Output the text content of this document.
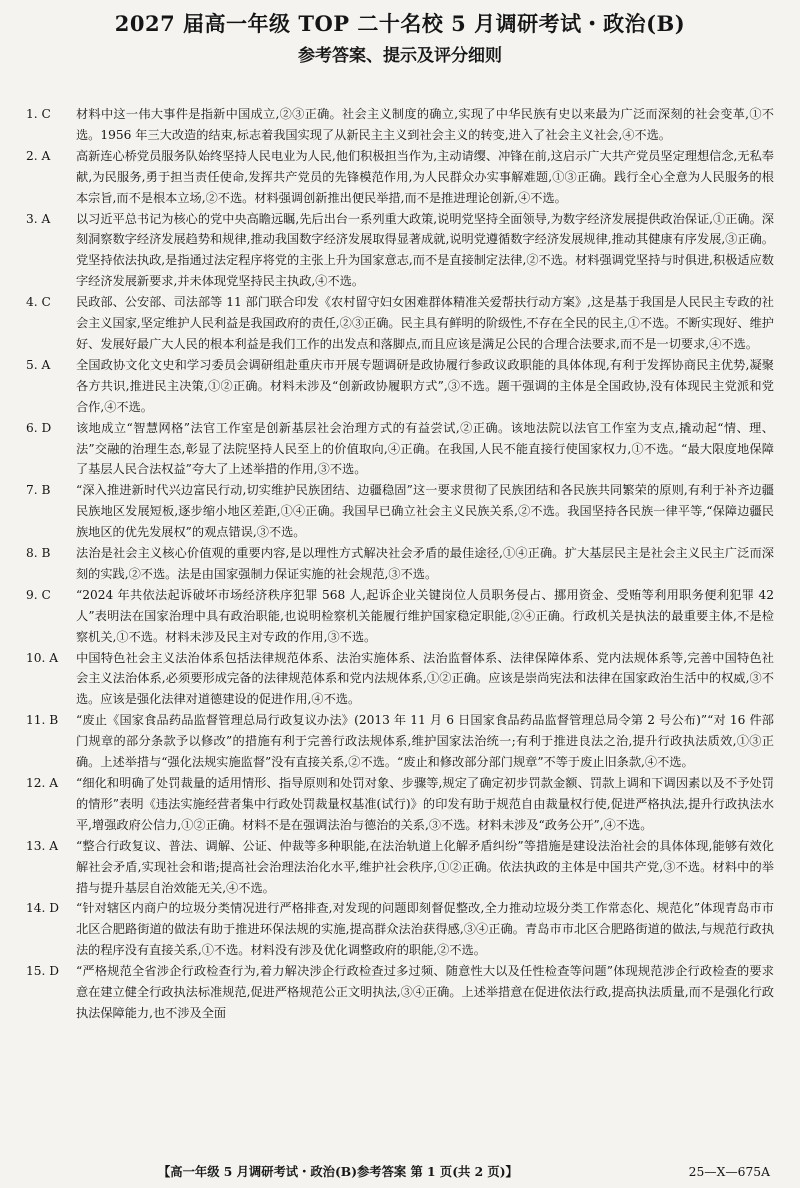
2027 届高一年级 TOP 二十名校 5 月调研考试・政治(B)
参考答案、提示及评分细则
1. C	材料中这一伟大事件是指新中国成立,②③正确。社会主义制度的确立,实现了中华民族有史以来最为广泛而深刻的社会变革,①不选。1956 年三大改造的结束,标志着我国实现了从新民主主义到社会主义的转变,进入了社会主义社会,④不选。
2. A	高新连心桥党员服务队始终坚持人民电业为人民,他们积极担当作为,主动请缨、冲锋在前,这启示广大共产党员坚定理想信念,无私奉献,为民服务,勇于担当责任使命,发挥共产党员的先锋模范作用,为人民群众办实事解难题,①③正确。践行全心全意为人民服务的根本宗旨,而不是根本立场,②不选。材料强调创新推出便民举措,而不是推进理论创新,④不选。
3. A	以习近平总书记为核心的党中央高瞻远瞩,先后出台一系列重大政策,说明党坚持全面领导,为数字经济发展提供政治保证,①正确。深刻洞察数字经济发展趋势和规律,推动我国数字经济发展取得显著成就,说明党遵循数字经济发展规律,推动其健康有序发展,③正确。党坚持依法执政,是指通过法定程序将党的主张上升为国家意志,而不是直接制定法律,②不选。材料强调党坚持与时俱进,积极适应数字经济发展新要求,并未体现党坚持民主执政,④不选。
4. C	民政部、公安部、司法部等 11 部门联合印发《农村留守妇女困难群体精准关爱帮扶行动方案》,这是基于我国是人民民主专政的社会主义国家,坚定维护人民利益是我国政府的责任,②③正确。民主具有鲜明的阶级性,不存在全民的民主,①不选。不断实现好、维护好、发展好最广大人民的根本利益是我们工作的出发点和落脚点,而且应该是满足公民的合理合法要求,而不是一切要求,④不选。
5. A	全国政协文化文史和学习委员会调研组赴重庆市开展专题调研是政协履行参政议政职能的具体体现,有利于发挥协商民主优势,凝聚各方共识,推进民主决策,①②正确。材料未涉及“创新政协履职方式”,③不选。题干强调的主体是全国政协,没有体现民主党派和党合作,④不选。
6. D	该地成立“智慧网格”法官工作室是创新基层社会治理方式的有益尝试,②正确。该地法院以法官工作室为支点,撬动起“情、理、法”交融的治理生态,彰显了法院坚持人民至上的价值取向,④正确。在我国,人民不能直接行使国家权力,①不选。“最大限度地保障了基层人民合法权益”夸大了上述举措的作用,③不选。
7. B	“深入推进新时代兴边富民行动,切实维护民族团结、边疆稳固”这一要求贯彻了民族团结和各民族共同繁荣的原则,有利于补齐边疆民族地区发展短板,逐步缩小地区差距,①④正确。我国早已确立社会主义民族关系,②不选。我国坚持各民族一律平等,“保障边疆民族地区的优先发展权”的观点错误,③不选。
8. B	法治是社会主义核心价值观的重要内容,是以理性方式解决社会矛盾的最佳途径,①④正确。扩大基层民主是社会主义民主广泛而深刻的实践,②不选。法是由国家强制力保证实施的社会规范,③不选。
9. C	“2024 年共依法起诉破坏市场经济秩序犯罪 568 人,起诉企业关键岗位人员职务侵占、挪用资金、受贿等利用职务便利犯罪 42 人”表明法在国家治理中具有政治职能,也说明检察机关能履行维护国家稳定职能,②④正确。行政机关是执法的最重要主体,不是检察机关,①不选。材料未涉及民主对专政的作用,③不选。
10. A	中国特色社会主义法治体系包括法律规范体系、法治实施体系、法治监督体系、法律保障体系、党内法规体系等,完善中国特色社会主义法治体系,必须要形成完备的法律规范体系和党内法规体系,①②正确。应该是崇尚宪法和法律在国家政治生活中的权威,③不选。应该是强化法律对道德建设的促进作用,④不选。
11. B	“废止《国家食品药品监督管理总局行政复议办法》(2013 年 11 月 6 日国家食品药品监督管理总局令第 2 号公布)”“对 16 件部门规章的部分条款予以修改”的措施有利于完善行政法规体系,维护国家法治统一;有利于推进良法之治,提升行政执法质效,①③正确。上述举措与“强化法规实施监督”没有直接关系,②不选。“废止和修改部分部门规章”不等于废止旧条款,④不选。
12. A	“细化和明确了处罚裁量的适用情形、指导原则和处罚对象、步骤等,规定了确定初步罚款金额、罚款上调和下调因素以及不予处罚的情形”表明《违法实施经营者集中行政处罚裁量权基准(试行)》的印发有助于规范自由裁量权行使,促进严格执法,提升行政执法水平,增强政府公信力,①②正确。材料不是在强调法治与德治的关系,③不选。材料未涉及“政务公开”,④不选。
13. A	“整合行政复议、普法、调解、公证、仲裁等多种职能,在法治轨道上化解矛盾纠纷”等措施是建设法治社会的具体体现,能够有效化解社会矛盾,实现社会和谐;提高社会治理法治化水平,维护社会秩序,①②正确。依法执政的主体是中国共产党,③不选。材料中的举措与提升基层自治效能无关,④不选。
14. D	“针对辖区内商户的垃圾分类情况进行严格排查,对发现的问题即刻督促整改,全力推动垃圾分类工作常态化、规范化”体现青岛市市北区合肥路街道的做法有助于推进环保法规的实施,提高群众法治获得感,③④正确。青岛市市北区合肥路街道的做法,与规范行政执法的程序没有直接关系,①不选。材料没有涉及优化调整政府的职能,②不选。
15. D	“严格规范全省涉企行政检查行为,着力解决涉企行政检查过多过频、随意性大以及任性检查等问题”体现规范涉企行政检查的要求意在建立健全行政执法标准规范,促进严格规范公正文明执法,③④正确。上述举措意在促进依法行政,提高执法质量,而不是强化行政执法保障能力,也不涉及全面
【高一年级 5 月调研考试・政治(B)参考答案 第 1 页(共 2 页)】	25—X—675A
